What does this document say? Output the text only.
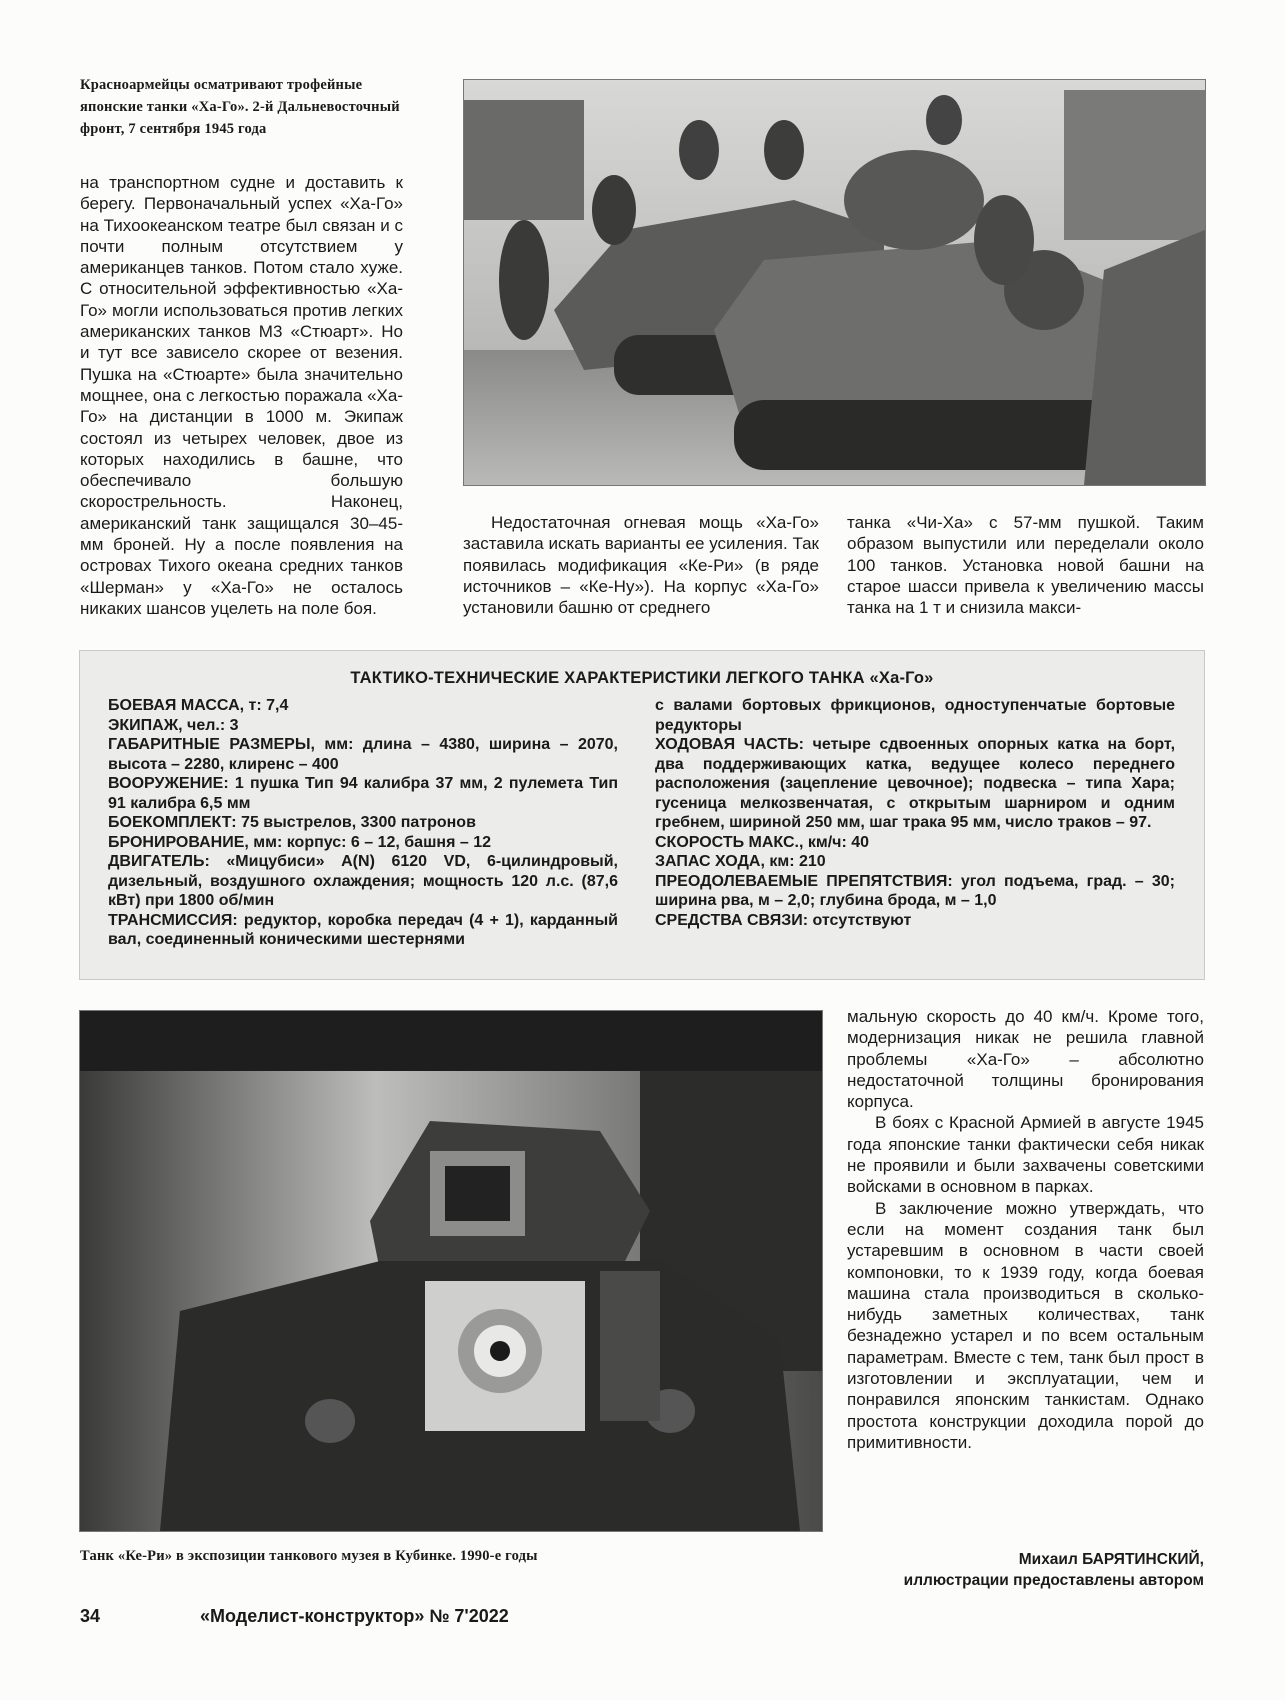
Красноармейцы осматривают трофейные японские танки «Ха-Го». 2-й Дальневосточный фронт, 7 сентября 1945 года

на транспортном судне и доставить к берегу. Первоначальный успех «Ха-Го» на Тихоокеанском театре был связан и с почти полным отсутствием у американцев танков. Потом стало хуже. С относительной эффективностью «Ха-Го» могли использоваться против легких американских танков М3 «Стюарт». Но и тут все зависело скорее от везения. Пушка на «Стюарте» была значительно мощнее, она с легкостью поражала «Ха-Го» на дистанции в 1000 м. Экипаж состоял из четырех человек, двое из которых находились в башне, что обеспечивало большую скорострельность. Наконец, американский танк защищался 30–45-мм броней. Ну а после появления на островах Тихого океана средних танков «Шерман» у «Ха-Го» не осталось никаких шансов уцелеть на поле боя.

Недостаточная огневая мощь «Ха-Го» заставила искать варианты ее усиления. Так появилась модификация «Ке-Ри» (в ряде источников – «Ке-Ну»). На корпус «Ха-Го» установили башню от среднего

танка «Чи-Ха» с 57-мм пушкой. Таким образом выпустили или переделали около 100 танков. Установка новой башни на старое шасси привела к увеличению массы танка на 1 т и снизила макси-

ТАКТИКО-ТЕХНИЧЕСКИЕ ХАРАКТЕРИСТИКИ ЛЕГКОГО ТАНКА «Ха-Го»

БОЕВАЯ МАССА, т: 7,4

ЭКИПАЖ, чел.: 3

ГАБАРИТНЫЕ РАЗМЕРЫ, мм: длина – 4380, ширина – 2070, высота – 2280, клиренс – 400

ВООРУЖЕНИЕ: 1 пушка Тип 94 калибра 37 мм, 2 пулемета Тип 91 калибра 6,5 мм

БОЕКОМПЛЕКТ: 75 выстрелов, 3300 патронов

БРОНИРОВАНИЕ, мм: корпус: 6 – 12, башня – 12

ДВИГАТЕЛЬ: «Мицубиси» A(N) 6120 VD, 6-цилиндровый, дизельный, воздушного охлаждения; мощность 120 л.с. (87,6 кВт) при 1800 об/мин

ТРАНСМИССИЯ: редуктор, коробка передач (4 + 1), карданный вал, соединенный коническими шестернями

с валами бортовых фрикционов, одноступенчатые бортовые редукторы

ХОДОВАЯ ЧАСТЬ: четыре сдвоенных опорных катка на борт, два поддерживающих катка, ведущее колесо переднего расположения (зацепление цевочное); подвеска – типа Хара; гусеница мелкозвенчатая, с открытым шарниром и одним гребнем, шириной 250 мм, шаг трака 95 мм, число траков – 97.

СКОРОСТЬ МАКС., км/ч: 40

ЗАПАС ХОДА, км: 210

ПРЕОДОЛЕВАЕМЫЕ ПРЕПЯТСТВИЯ: угол подъема, град. – 30; ширина рва, м – 2,0; глубина брода, м – 1,0

СРЕДСТВА СВЯЗИ: отсутствуют

мальную скорость до 40 км/ч. Кроме того, модернизация никак не решила главной проблемы «Ха-Го» – абсолютно недостаточной толщины бронирования корпуса.

В боях с Красной Армией в августе 1945 года японские танки фактически себя никак не проявили и были захвачены советскими войсками в основном в парках.

В заключение можно утверждать, что если на момент создания танк был устаревшим в основном в части своей компоновки, то к 1939 году, когда боевая машина стала производиться в сколько-нибудь заметных количествах, танк безнадежно устарел и по всем остальным параметрам. Вместе с тем, танк был прост в изготовлении и эксплуатации, чем и понравился японским танкистам. Однако простота конструкции доходила порой до примитивности.

Михаил БАРЯТИНСКИЙ,
иллюстрации предоставлены автором
Танк «Ке-Ри» в экспозиции танкового музея в Кубинке. 1990-е годы
34	«Моделист-конструктор» № 7'2022
